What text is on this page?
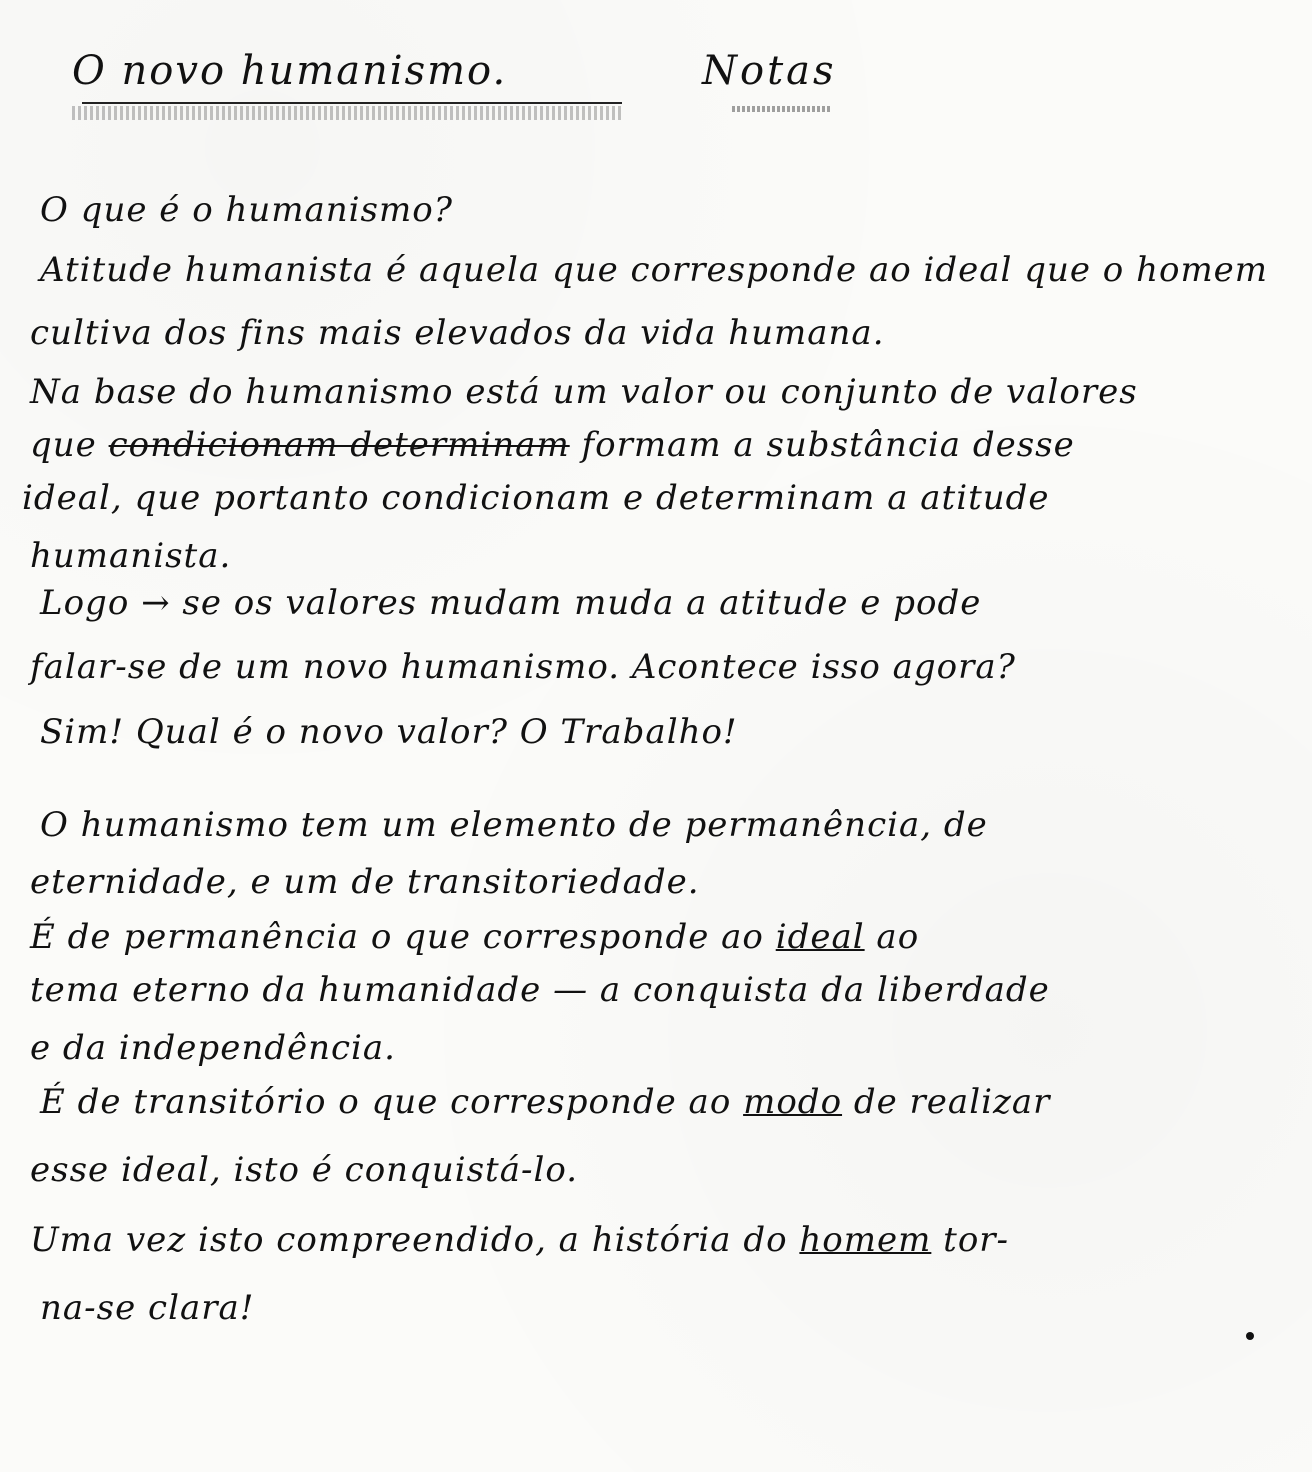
O novo humanismo.	Notas
O que é o humanismo?
Atitude humanista é aquela que corresponde ao ideal que o homem
cultiva dos fins mais elevados da vida humana.
Na base do humanismo está um valor ou conjunto de valores
que condicionam determinam formam a substância desse
ideal, que portanto condicionam e determinam a atitude
humanista.
Logo → se os valores mudam muda a atitude e pode
falar-se de um novo humanismo. Acontece isso agora?
Sim! Qual é o novo valor? O Trabalho!
O humanismo tem um elemento de permanência, de
eternidade, e um de transitoriedade.
É de permanência o que corresponde ao ideal ao
tema eterno da humanidade — a conquista da liberdade
e da independência.
É de transitório o que corresponde ao modo de realizar
esse ideal, isto é conquistá-lo.
Uma vez isto compreendido, a história do homem tor-
na-se clara!
